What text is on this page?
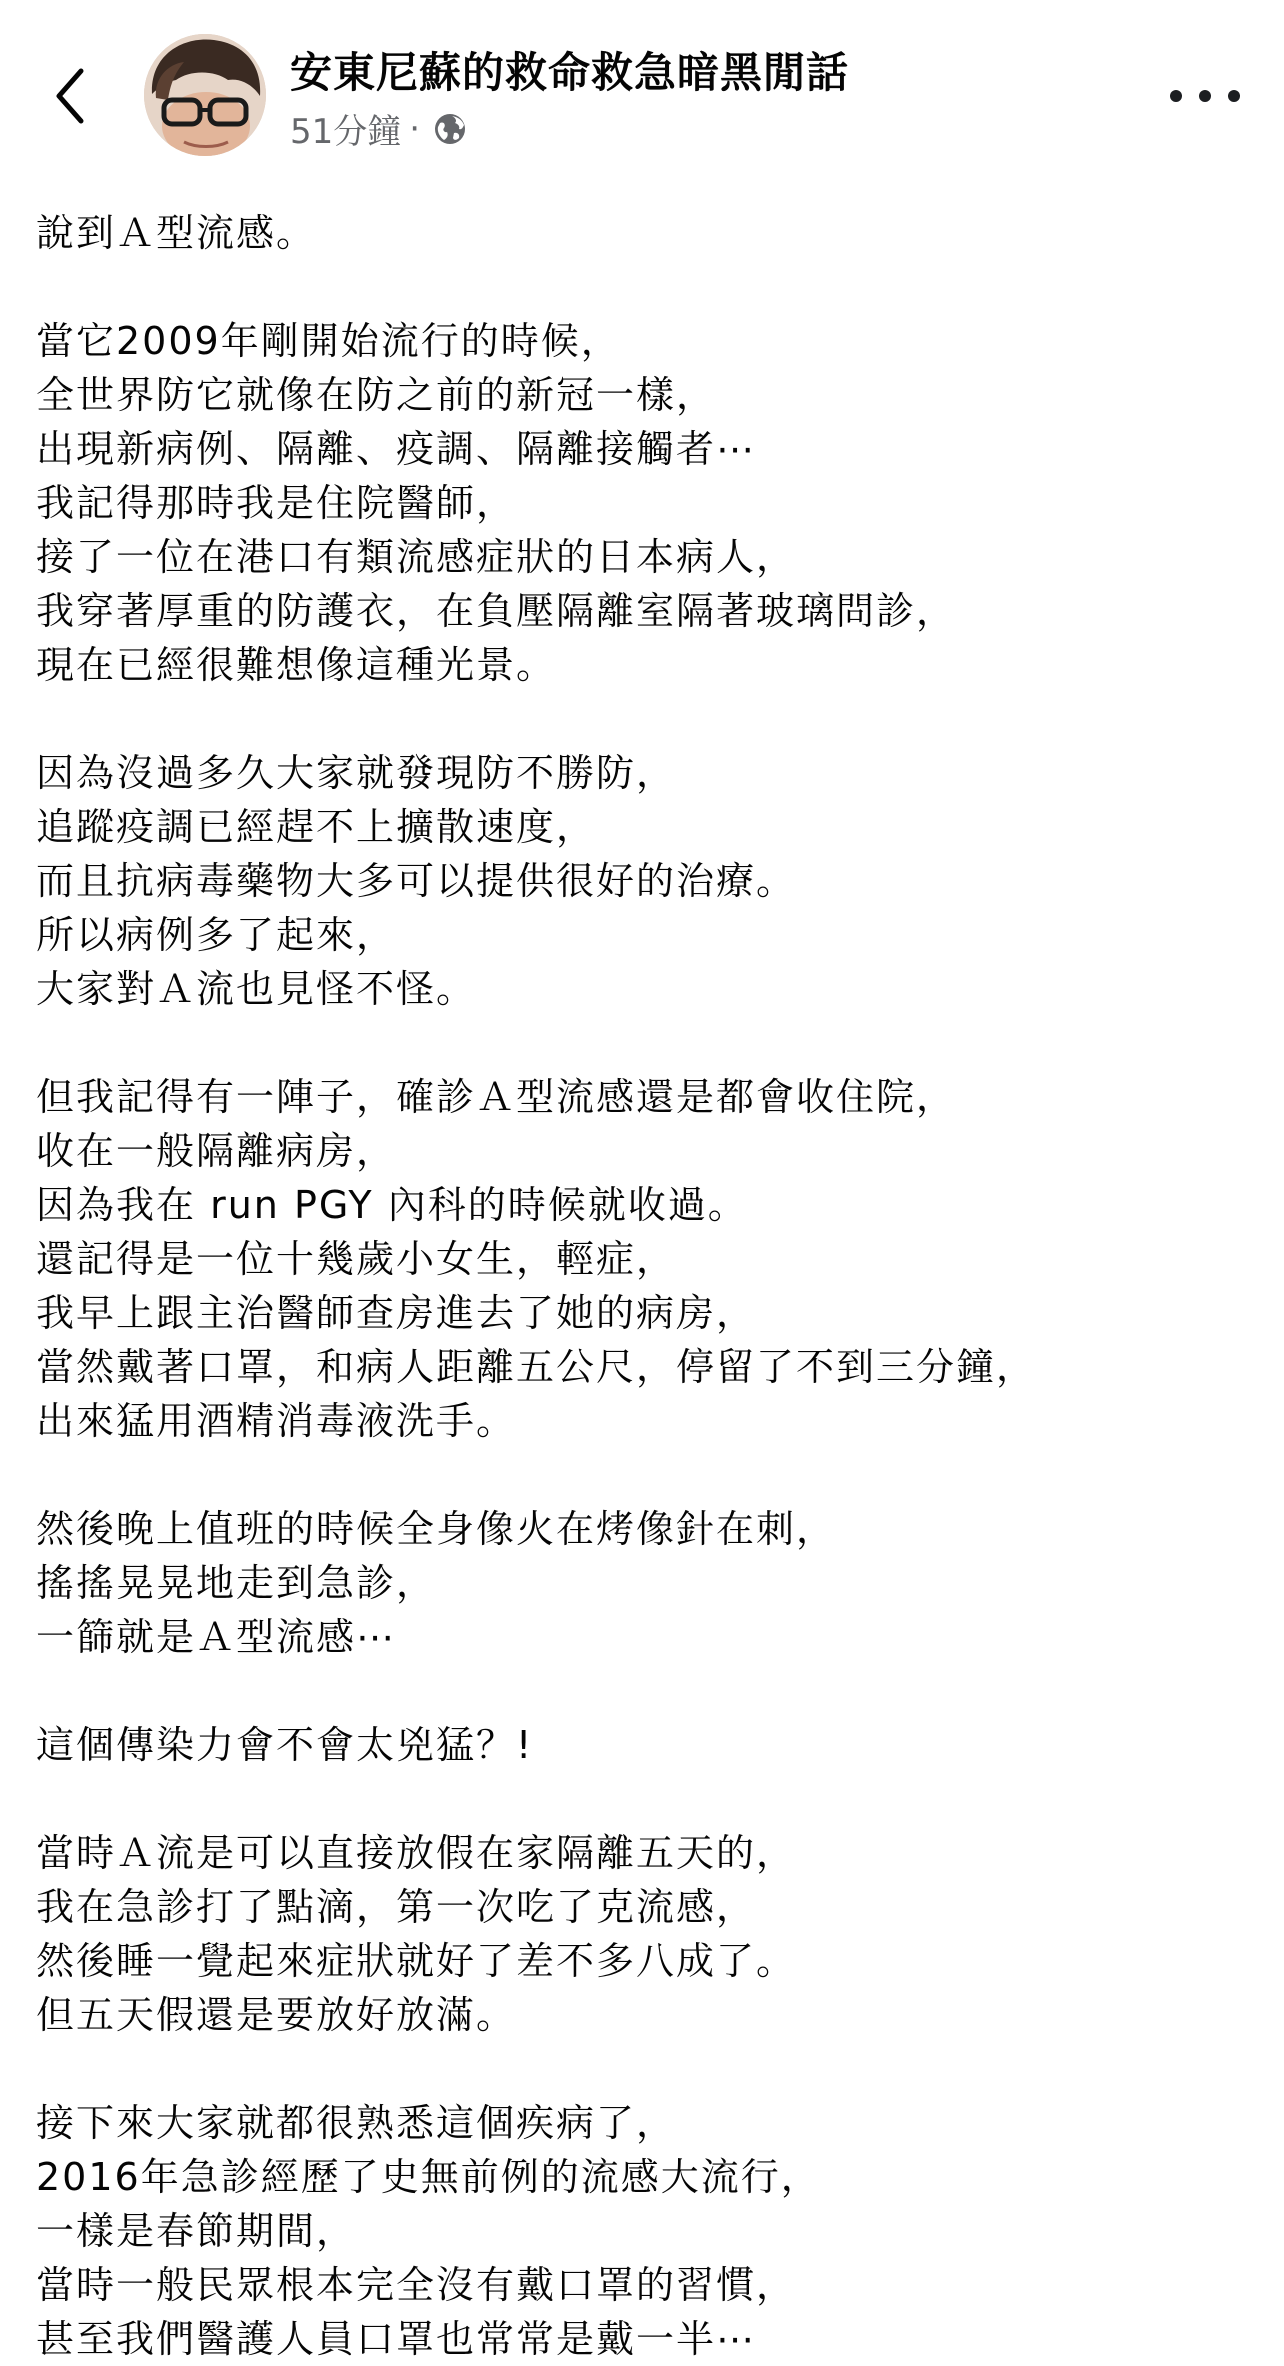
安東尼蘇的救命救急暗黑閒話
51分鐘 ·

說到Ａ型流感。

當它2009年剛開始流行的時候，

全世界防它就像在防之前的新冠一樣，

出現新病例、隔離、疫調、隔離接觸者⋯

我記得那時我是住院醫師，

接了一位在港口有類流感症狀的日本病人，

我穿著厚重的防護衣，在負壓隔離室隔著玻璃問診，

現在已經很難想像這種光景。

因為沒過多久大家就發現防不勝防，

追蹤疫調已經趕不上擴散速度，

而且抗病毒藥物大多可以提供很好的治療。

所以病例多了起來，

大家對Ａ流也見怪不怪。

但我記得有一陣子，確診Ａ型流感還是都會收住院，

收在一般隔離病房，

因為我在 run PGY 內科的時候就收過。

還記得是一位十幾歲小女生，輕症，

我早上跟主治醫師查房進去了她的病房，

當然戴著口罩，和病人距離五公尺，停留了不到三分鐘，

出來猛用酒精消毒液洗手。

然後晚上值班的時候全身像火在烤像針在刺，

搖搖晃晃地走到急診，

一篩就是Ａ型流感⋯

這個傳染力會不會太兇猛？!

當時Ａ流是可以直接放假在家隔離五天的，

我在急診打了點滴，第一次吃了克流感，

然後睡一覺起來症狀就好了差不多八成了。

但五天假還是要放好放滿。

接下來大家就都很熟悉這個疾病了，

2016年急診經歷了史無前例的流感大流行，

一樣是春節期間，

當時一般民眾根本完全沒有戴口罩的習慣，

甚至我們醫護人員口罩也常常是戴一半⋯
